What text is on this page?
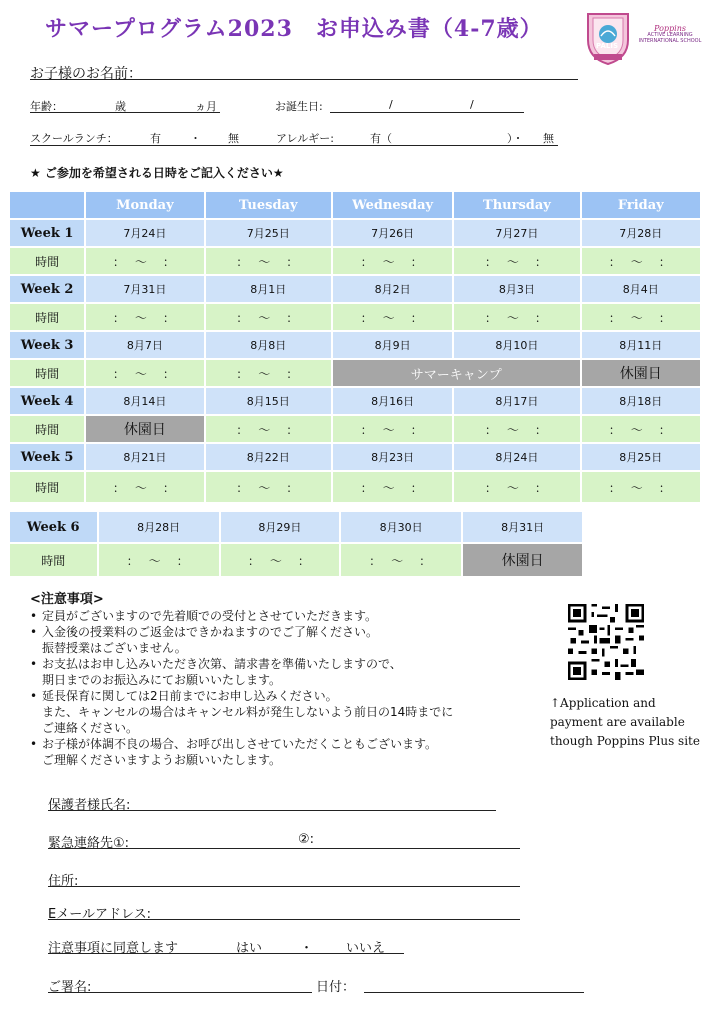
サマープログラム2023　お申込み書（4-7歳）	Poppins
ACTIVE LEARNING INTERNATIONAL SCHOOL
PALIS
お子様のお名前：
年齢：	歳	ヵ月	お誕生日:	/	/
スクールランチ：	有	・ 無	アレルギー:	有（	）・ 無
★ ご参加を希望される日時をご記入ください★
	Monday	Tuesday	Wednesday	Thursday	Friday
Week 1	7月24日	7月25日	7月26日	7月27日	7月28日
時間	：　〜　：	：　〜　：	：　〜　：	：　〜　：	：　〜　：
Week 2	7月31日	8月1日	8月2日	8月3日	8月4日
時間	：　〜　：	：　〜　：	：　〜　：	：　〜　：	：　〜　：
Week 3	8月7日	8月8日	8月9日	8月10日	8月11日
時間	：　〜　：	：　〜　：	サマーキャンプ		休園日
Week 4	8月14日	8月15日	8月16日	8月17日	8月18日
時間	休園日	：　〜　：	：　〜　：	：　〜　：	：　〜　：
Week 5	8月21日	8月22日	8月23日	8月24日	8月25日
時間	：　〜　：	：　〜　：	：　〜　：	：　〜　：	：　〜　：
Week 6	8月28日	8月29日	8月30日	8月31日
時間	：　〜　：	：　〜　：	：　〜　：	休園日
<注意事項>
• 定員がございますので先着順での受付とさせていただきます。
• 入金後の授業料のご返金はできかねますのでご了解ください。
振替授業はございません。
• お支払はお申し込みいただき次第、請求書を準備いたしますので、
期日までのお振込みにてお願いいたします。
• 延長保育に関しては2日前までにお申し込みください。
また、キャンセルの場合はキャンセル料が発生しないよう前日の14時までに
ご連絡ください。
• お子様が体調不良の場合、お呼び出しさせていただくこともございます。
ご理解くださいますようお願いいたします。
↑Application and payment are available though Poppins Plus site
保護者様氏名:
緊急連絡先①:	②:
住所:
Eメールアドレス:
注意事項に同意します	はい	・	いいえ
ご署名:	日付：
